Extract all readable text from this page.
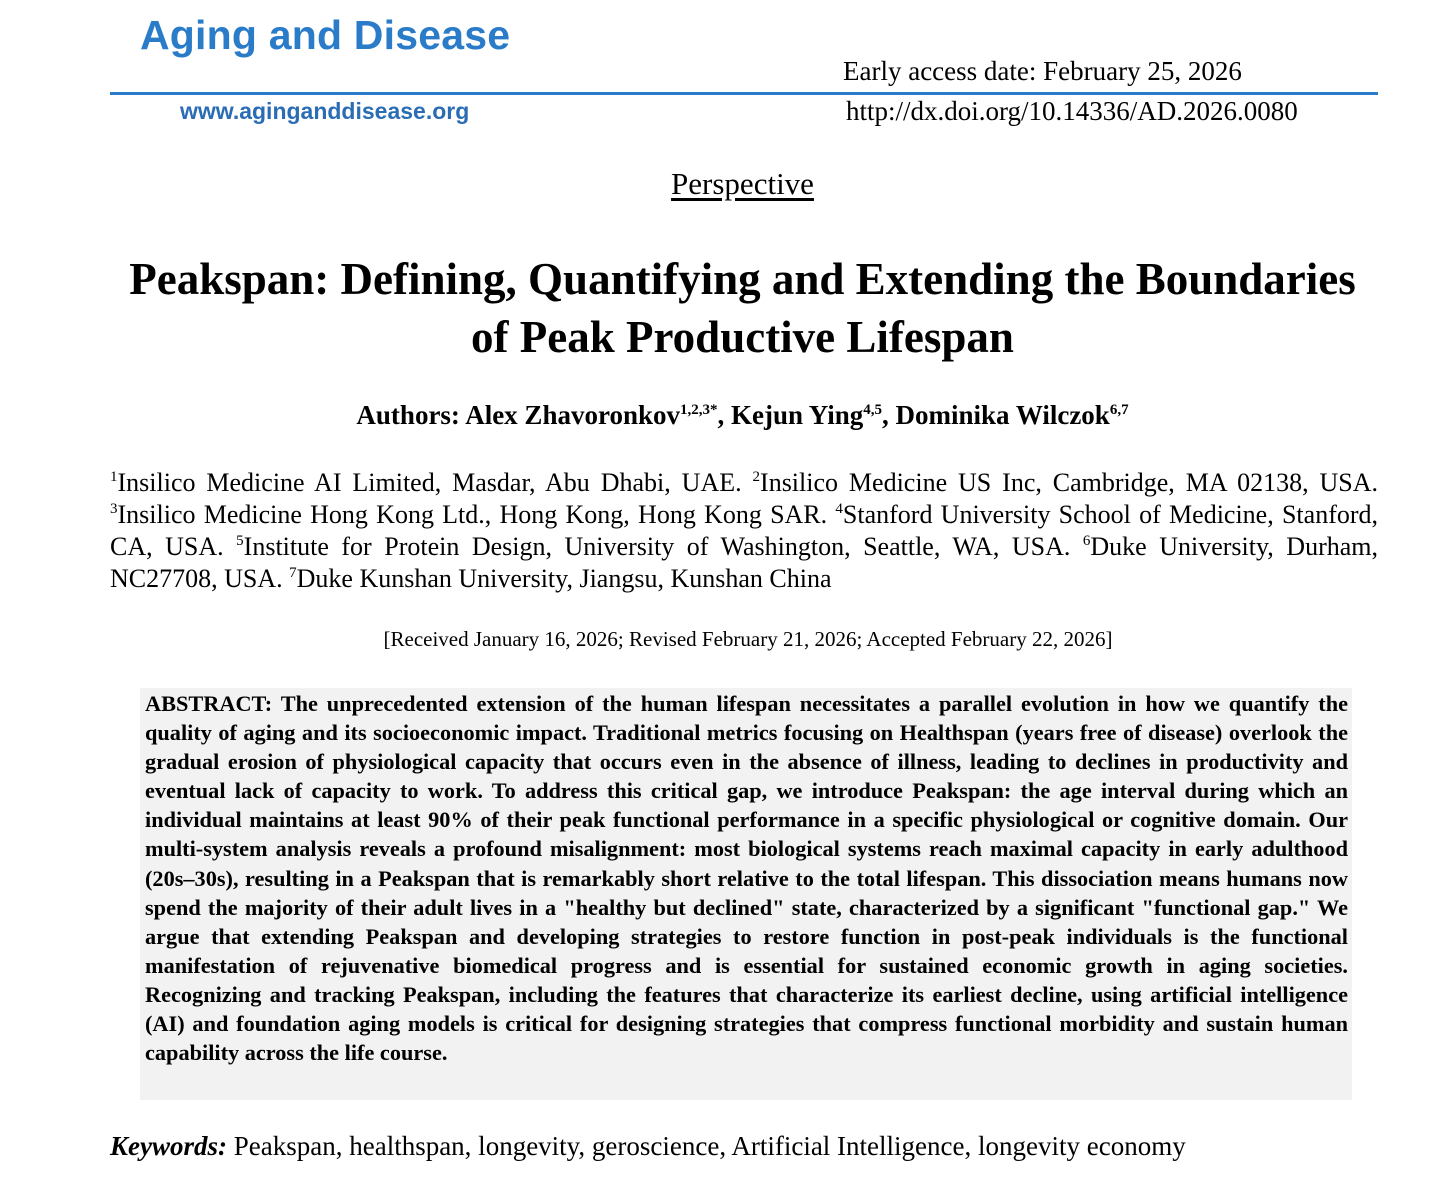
Aging and Disease
www.aginganddisease.org
Early access date: February 25, 2026
http://dx.doi.org/10.14336/AD.2026.0080
Perspective
Peakspan: Defining, Quantifying and Extending the Boundaries of Peak Productive Lifespan
Authors: Alex Zhavoronkov$^{1,2,3*}$, Kejun Ying$^{4,5}$, Dominika Wilczok$^{6,7}$
$^1$Insilico Medicine AI Limited, Masdar, Abu Dhabi, UAE. $^2$Insilico Medicine US Inc, Cambridge, MA 02138, USA. $^3$Insilico Medicine Hong Kong Ltd., Hong Kong, Hong Kong SAR. $^4$Stanford University School of Medicine, Stanford, CA, USA. $^5$Institute for Protein Design, University of Washington, Seattle, WA, USA. $^6$Duke University, Durham, NC27708, USA. $^7$Duke Kunshan University, Jiangsu, Kunshan China
[Received January 16, 2026; Revised February 21, 2026; Accepted February 22, 2026]
ABSTRACT: The unprecedented extension of the human lifespan necessitates a parallel evolution in how we quantify the quality of aging and its socioeconomic impact. Traditional metrics focusing on Healthspan (years free of disease) overlook the gradual erosion of physiological capacity that occurs even in the absence of illness, leading to declines in productivity and eventual lack of capacity to work. To address this critical gap, we introduce Peakspan: the age interval during which an individual maintains at least 90% of their peak functional performance in a specific physiological or cognitive domain. Our multi-system analysis reveals a profound misalignment: most biological systems reach maximal capacity in early adulthood (20s–30s), resulting in a Peakspan that is remarkably short relative to the total lifespan. This dissociation means humans now spend the majority of their adult lives in a "healthy but declined" state, characterized by a significant "functional gap." We argue that extending Peakspan and developing strategies to restore function in post-peak individuals is the functional manifestation of rejuvenative biomedical progress and is essential for sustained economic growth in aging societies. Recognizing and tracking Peakspan, including the features that characterize its earliest decline, using artificial intelligence (AI) and foundation aging models is critical for designing strategies that compress functional morbidity and sustain human capability across the life course.
Keywords: Peakspan, healthspan, longevity, geroscience, Artificial Intelligence, longevity economy
